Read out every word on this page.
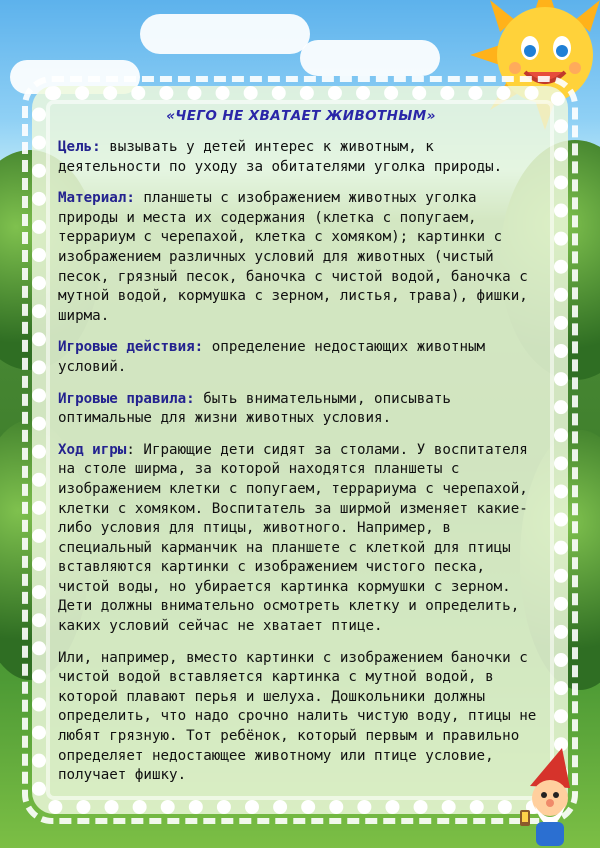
«ЧЕГО НЕ ХВАТАЕТ ЖИВОТНЫМ»

Цель: вызывать у детей интерес к животным, к деятельности по уходу за обитателями уголка природы.

Материал: планшеты с изображением животных уголка природы и места их содержания (клетка с попугаем, террариум с черепахой, клетка с хомяком); картинки с изображением различных условий для животных (чистый песок, грязный песок, баночка с чистой водой, баночка с мутной водой, кормушка с зерном, листья, трава), фишки, ширма.

Игровые действия: определение недостающих животным условий.

Игровые правила: быть внимательными, описывать оптимальные для жизни животных условия.

Ход игры: Играющие дети сидят за столами. У воспитателя на столе ширма, за которой находятся планшеты с изображением клетки с попугаем, террариума с черепахой, клетки с хомяком. Воспитатель за ширмой изменяет какие-либо условия для птицы, животного. Например, в специальный карманчик на планшете с клеткой для птицы вставляются картинки с изображением чистого песка, чистой воды, но убирается картинка кормушки с зерном. Дети должны внимательно осмотреть клетку и определить, каких условий сейчас не хватает птице.

Или, например, вместо картинки с изображением баночки с чистой водой вставляется картинка с мутной водой, в которой плавают перья и шелуха. Дошкольники должны определить, что надо срочно налить чистую воду, птицы не любят грязную. Тот ребёнок, который первым и правильно определяет недостающее животному или птице условие, получает фишку.
